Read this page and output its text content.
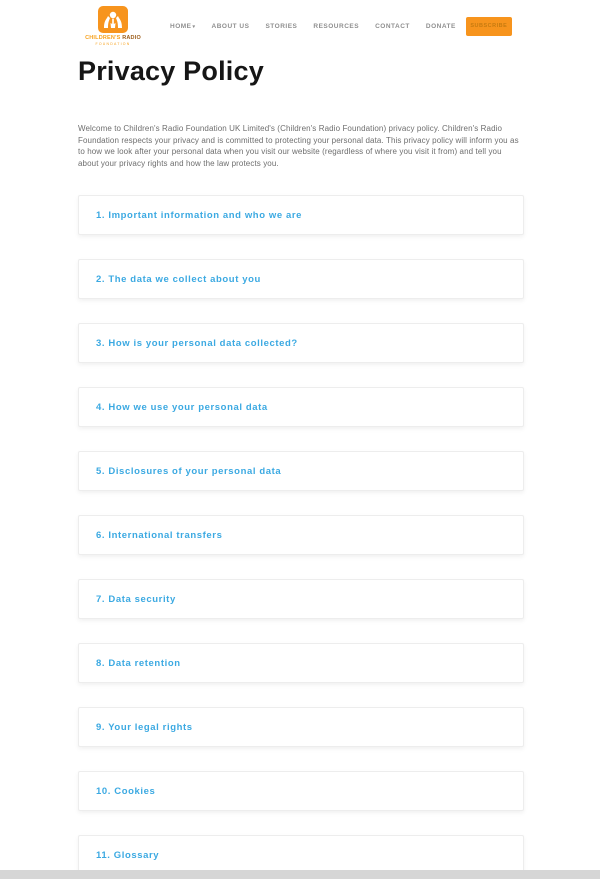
CHILDREN'S RADIO
FOUNDATION
HOME▾ ABOUT US STORIES RESOURCES CONTACT DONATE	SUBSCRIBE
Privacy Policy

Welcome to Children's Radio Foundation UK Limited's (Children's Radio Foundation) privacy policy. Children's Radio Foundation respects your privacy and is committed to protecting your personal data. This privacy policy will inform you as to how we look after your personal data when you visit our website (regardless of where you visit it from) and tell you about your privacy rights and how the law protects you.

1. Important information and who we are
2. The data we collect about you
3. How is your personal data collected?
4. How we use your personal data
5. Disclosures of your personal data
6. International transfers
7. Data security
8. Data retention
9. Your legal rights
10. Cookies
11. Glossary
